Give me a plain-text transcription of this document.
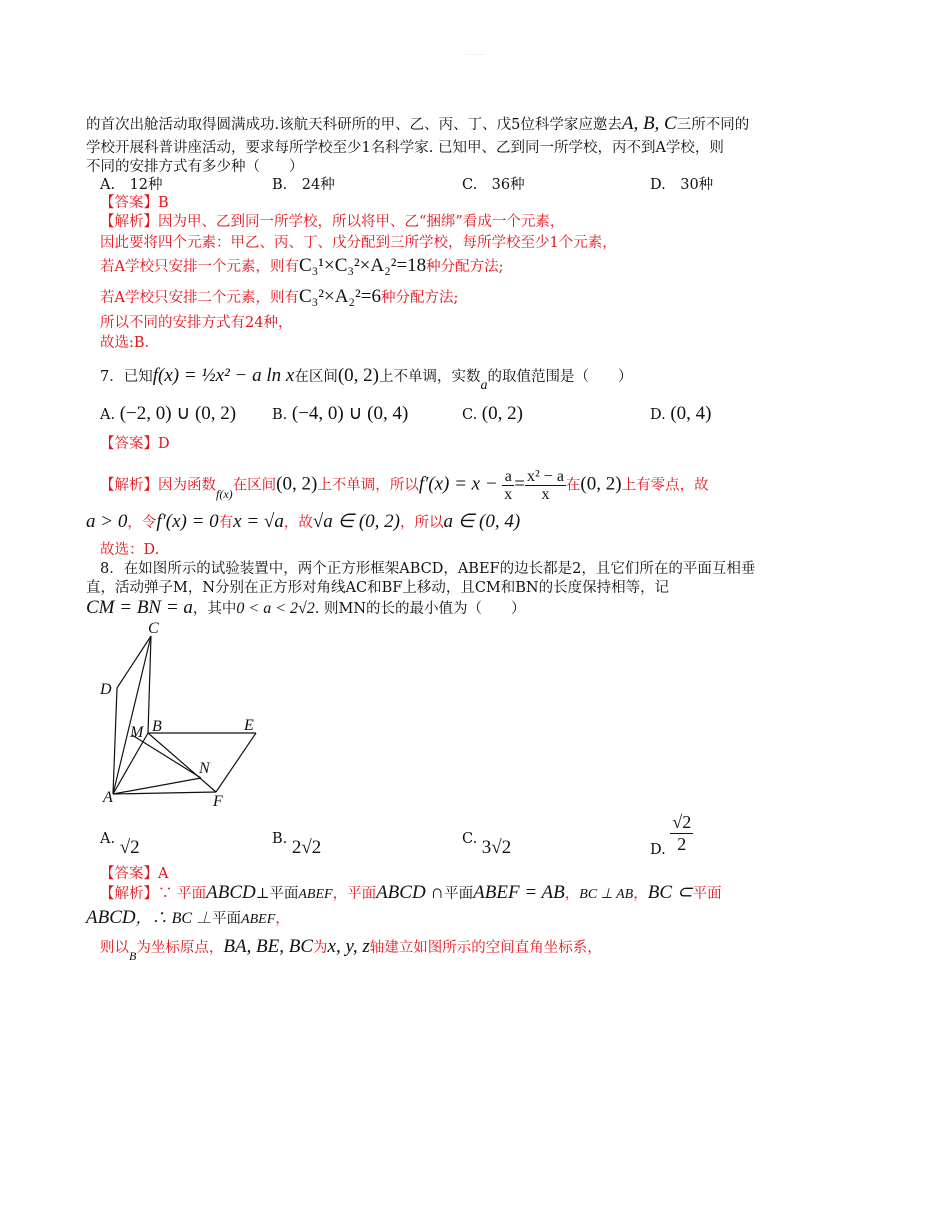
············
的首次出舱活动取得圆满成功.该航天科研所的甲、乙、丙、丁、戊5位科学家应邀去A, B, C三所不同的
学校开展科普讲座活动，要求每所学校至少1名科学家. 已知甲、乙到同一所学校，丙不到A学校，则
不同的安排方式有多少种（　　）
A.　12种	B.　24种	C.　36种	D.　30种
【答案】B
【解析】因为甲、乙到同一所学校，所以将甲、乙“捆绑”看成一个元素，
因此要将四个元素：甲乙、丙、丁、戊分配到三所学校，每所学校至少1个元素，
若A学校只安排一个元素，则有C₃¹×C₃²×A₂²=18种分配方法;
若A学校只安排二个元素，则有C₃²×A₂²=6种分配方法;
所以不同的安排方式有24种，
故选:B.
7．已知f(x) = ½x² − a ln x在区间(0, 2)上不单调，实数a的取值范围是（　　）
A. (−2, 0) ∪ (0, 2) B. (−4, 0) ∪ (0, 4)	C. (0, 2)	D. (0, 4)
【答案】D
【解析】因为函数$_{f(x)}$在区间(0, 2)上不单调，所以$f'(x) = x - \frac{a}{x} = \frac{\text{x² − a}}{x}$ 在(0, 2)上有零点，故
a > 0，令f′(x) = 0有x = √a，故√a ∈ (0, 2)，所以a ∈ (0, 4)
故选：D.
8．在如图所示的试验装置中，两个正方形框架ABCD，ABEF的边长都是2，且它们所在的平面互相垂
直，活动弹子M，N分别在正方形对角线AC和BF上移动，且CM和BN的长度保持相等，记
CM = BN = a，其中0 < a < 2√2. 则MN的长的最小值为（　　）
C
D
M B	E
N
A	F
A. √2	B. 2√2	C. 3√2	D. $\frac{√2}{2}$
【答案】A
【解析】∵ 平面ABCD⊥平面ABEF，平面ABCD ∩平面ABEF = AB，BC ⊥ AB，BC ⊂平面
ABCD，∴ BC ⊥平面ABEF，
则以$_B$为坐标原点，BA, BE, BC为x, y, z轴建立如图所示的空间直角坐标系，
